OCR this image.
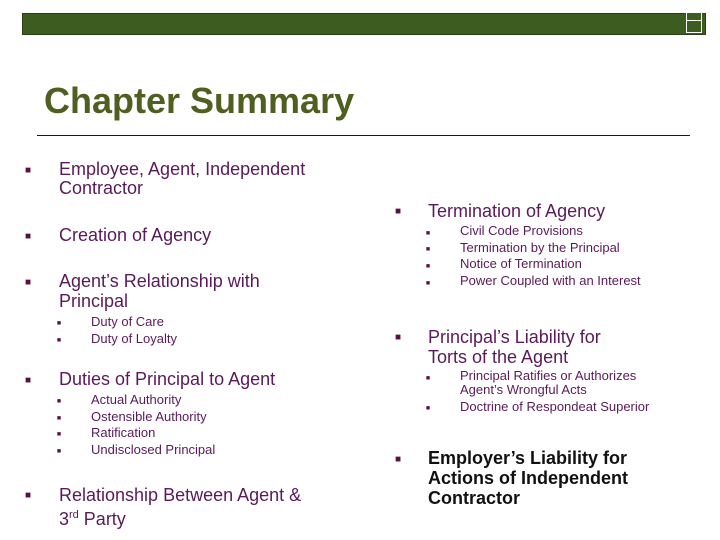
Chapter Summary
■ Employee, Agent, Independent
Contractor
■ Creation of Agency
■ Agent’s Relationship with
Principal
■ Duty of Care
■ Duty of Loyalty
■ Duties of Principal to Agent
■ Actual Authority
■ Ostensible Authority
■ Ratification
■ Undisclosed Principal
■ Relationship Between Agent &
3rd Party
■ Termination of Agency
■ Civil Code Provisions
■ Termination by the Principal
■ Notice of Termination
■ Power Coupled with an Interest
■ Principal’s Liability for
Torts of the Agent
■ Principal Ratifies or Authorizes
Agent’s Wrongful Acts
■ Doctrine of Respondeat Superior
■ Employer’s Liability for
Actions of Independent
Contractor
